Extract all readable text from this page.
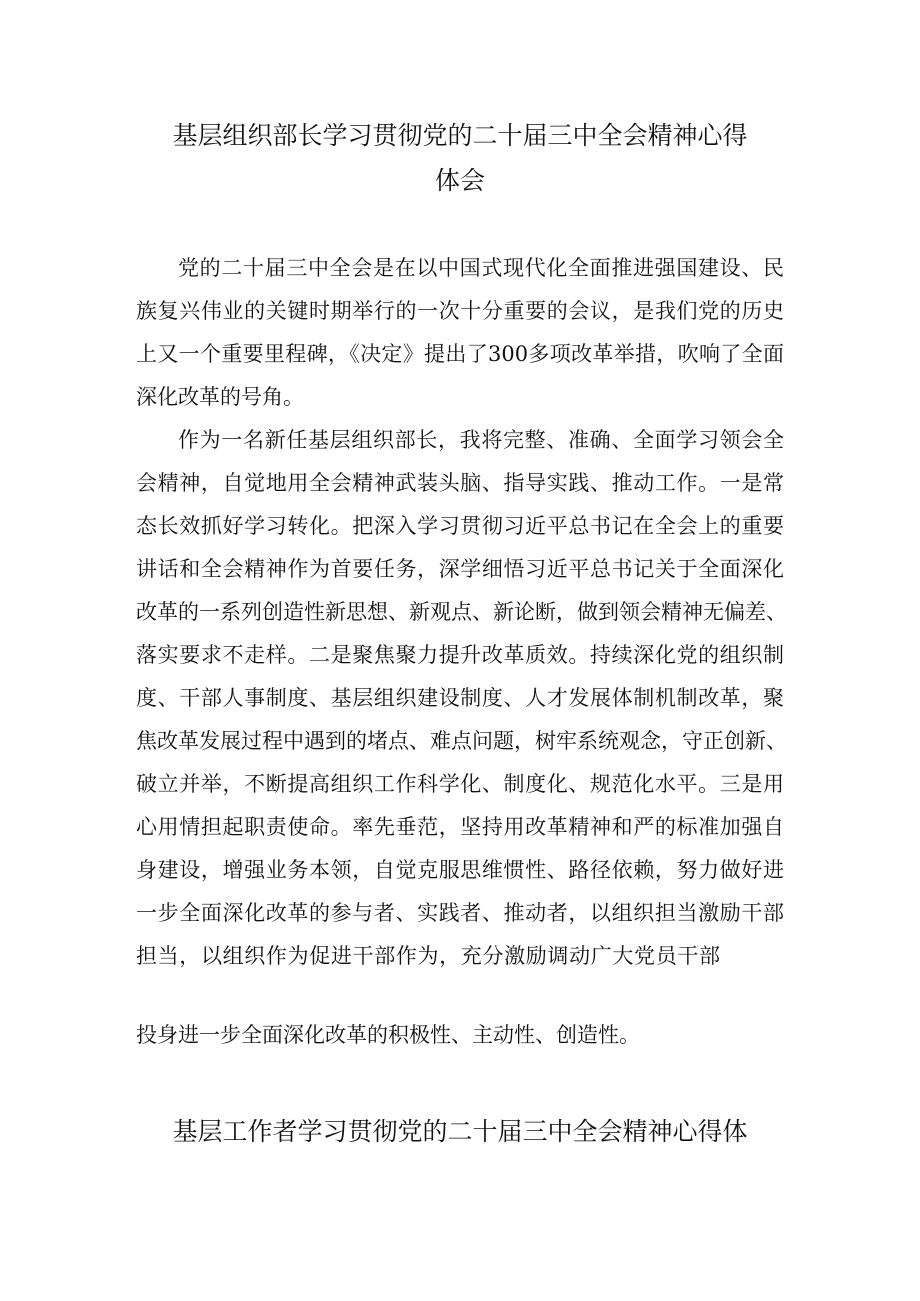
基层组织部长学习贯彻党的二十届三中全会精神心得
体会

党的二十届三中全会是在以中国式现代化全面推进强国建设、民

族复兴伟业的关键时期举行的一次十分重要的会议，是我们党的历史

上又一个重要里程碑，《决定》提出了300多项改革举措，吹响了全面

深化改革的号角。

作为一名新任基层组织部长，我将完整、准确、全面学习领会全

会精神，自觉地用全会精神武装头脑、指导实践、推动工作。一是常

态长效抓好学习转化。把深入学习贯彻习近平总书记在全会上的重要

讲话和全会精神作为首要任务，深学细悟习近平总书记关于全面深化

改革的一系列创造性新思想、新观点、新论断，做到领会精神无偏差、

落实要求不走样。二是聚焦聚力提升改革质效。持续深化党的组织制

度、干部人事制度、基层组织建设制度、人才发展体制机制改革，聚

焦改革发展过程中遇到的堵点、难点问题，树牢系统观念，守正创新、

破立并举，不断提高组织工作科学化、制度化、规范化水平。三是用

心用情担起职责使命。率先垂范，坚持用改革精神和严的标准加强自

身建设，增强业务本领，自觉克服思维惯性、路径依赖，努力做好进

一步全面深化改革的参与者、实践者、推动者，以组织担当激励干部

担当，以组织作为促进干部作为，充分激励调动广大党员干部

投身进一步全面深化改革的积极性、主动性、创造性。

基层工作者学习贯彻党的二十届三中全会精神心得体
